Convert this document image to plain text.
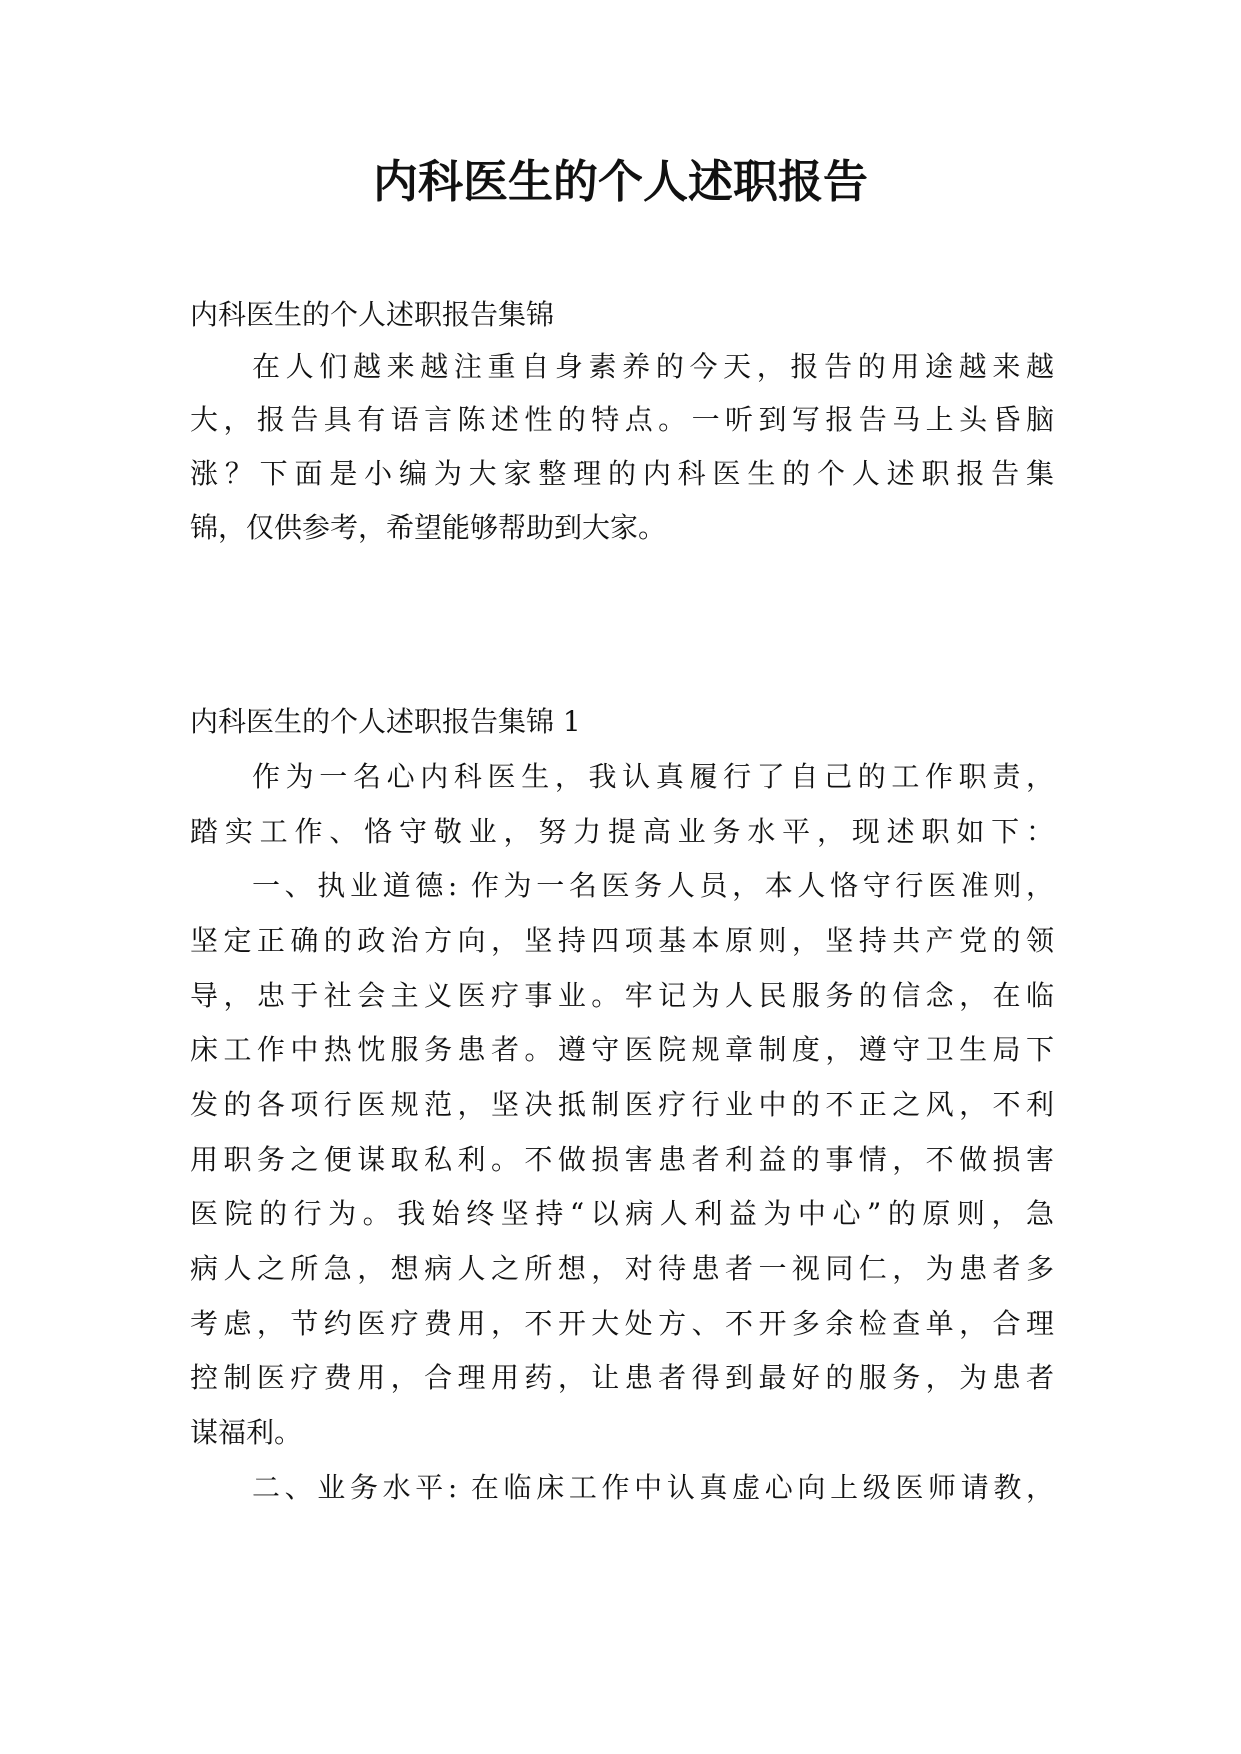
内科医生的个人述职报告
内科医生的个人述职报告集锦
在人们越来越注重自身素养的今天，报告的用途越来越
大，报告具有语言陈述性的特点。一听到写报告马上头昏脑
涨？下面是小编为大家整理的内科医生的个人述职报告集
锦，仅供参考，希望能够帮助到大家。
内科医生的个人述职报告集锦 1
作为一名心内科医生，我认真履行了自己的工作职责，
踏实工作、恪守敬业，努力提高业务水平，现述职如下：
一、执业道德: 作为一名医务人员，本人恪守行医准则，
坚定正确的政治方向，坚持四项基本原则，坚持共产党的领
导，忠于社会主义医疗事业。牢记为人民服务的信念，在临
床工作中热忱服务患者。遵守医院规章制度，遵守卫生局下
发的各项行医规范，坚决抵制医疗行业中的不正之风，不利
用职务之便谋取私利。不做损害患者利益的事情，不做损害
医院的行为。我始终坚持“以病人利益为中心”的原则，急
病人之所急，想病人之所想，对待患者一视同仁，为患者多
考虑，节约医疗费用，不开大处方、不开多余检查单，合理
控制医疗费用，合理用药，让患者得到最好的服务，为患者
谋福利。
二、业务水平: 在临床工作中认真虚心向上级医师请教，
